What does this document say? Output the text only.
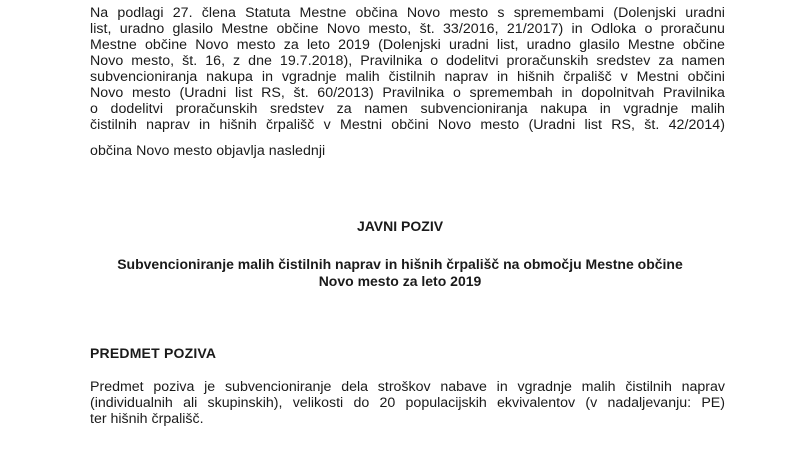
Na podlagi 27. člena Statuta Mestne občina Novo mesto s spremembami (Dolenjski uradni
list, uradno glasilo Mestne občine Novo mesto, št. 33/2016, 21/2017) in Odloka o proračunu
Mestne občine Novo mesto za leto 2019 (Dolenjski uradni list, uradno glasilo Mestne občine
Novo mesto, št. 16, z dne 19.7.2018), Pravilnika o dodelitvi proračunskih sredstev za namen
subvencioniranja nakupa in vgradnje malih čistilnih naprav in hišnih črpališč v Mestni občini
Novo mesto (Uradni list RS, št. 60/2013) Pravilnika o spremembah in dopolnitvah Pravilnika
o dodelitvi proračunskih sredstev za namen subvencioniranja nakupa in vgradnje malih
čistilnih naprav in hišnih črpališč v Mestni občini Novo mesto (Uradni list RS, št. 42/2014)
občina Novo mesto objavlja naslednji
JAVNI POZIV
Subvencioniranje malih čistilnih naprav in hišnih črpališč na območju Mestne občine
Novo mesto za leto 2019
PREDMET POZIVA
Predmet poziva je subvencioniranje dela stroškov nabave in vgradnje malih čistilnih naprav
(individualnih ali skupinskih), velikosti do 20 populacijskih ekvivalentov (v nadaljevanju: PE)
ter hišnih črpališč.
